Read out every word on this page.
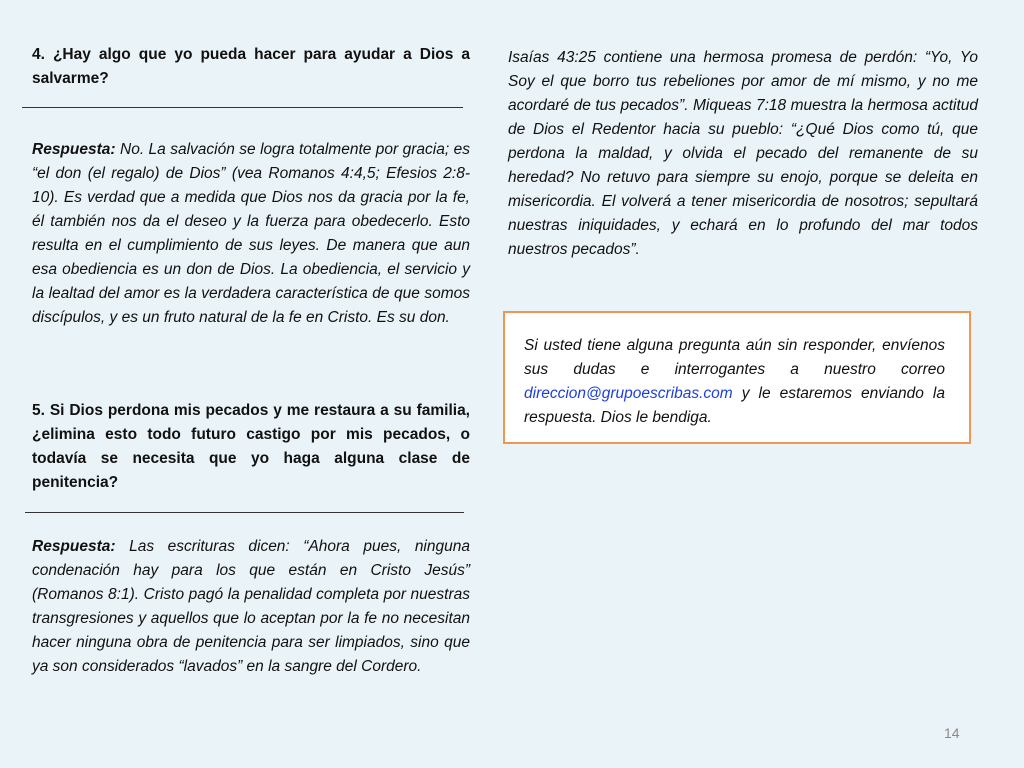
4. ¿Hay algo que yo pueda hacer para ayudar a Dios a salvarme?

Respuesta: No. La salvación se logra totalmente por gracia; es “el don (el regalo) de Dios” (vea Romanos 4:4,5; Efesios 2:8-10). Es verdad que a medida que Dios nos da gracia por la fe, él también nos da el deseo y la fuerza para obedecerlo. Esto resulta en el cumplimiento de sus leyes. De manera que aun esa obediencia es un don de Dios. La obediencia, el servicio y la lealtad del amor es la verdadera característica de que somos discípulos, y es un fruto natural de la fe en Cristo. Es su don.

5. Si Dios perdona mis pecados y me restaura a su familia, ¿elimina esto todo futuro castigo por mis pecados, o todavía se necesita que yo haga alguna clase de penitencia?

Respuesta: Las escrituras dicen: “Ahora pues, ninguna condenación hay para los que están en Cristo Jesús” (Romanos 8:1). Cristo pagó la penalidad completa por nuestras transgresiones y aquellos que lo aceptan por la fe no necesitan hacer ninguna obra de penitencia para ser limpiados, sino que ya son considerados “lavados” en la sangre del Cordero.

Isaías 43:25 contiene una hermosa promesa de perdón: “Yo, Yo Soy el que borro tus rebeliones por amor de mí mismo, y no me acordaré de tus pecados”. Miqueas 7:18 muestra la hermosa actitud de Dios el Redentor hacia su pueblo: “¿Qué Dios como tú, que perdona la maldad, y olvida el pecado del remanente de su heredad? No retuvo para siempre su enojo, porque se deleita en misericordia. El volverá a tener misericordia de nosotros; sepultará nuestras iniquidades, y echará en lo profundo del mar todos nuestros pecados”.

Si usted tiene alguna pregunta aún sin responder, envíenos sus dudas e interrogantes a nuestro correo direccion@grupoescribas.com y le estaremos enviando la respuesta. Dios le bendiga.

14
